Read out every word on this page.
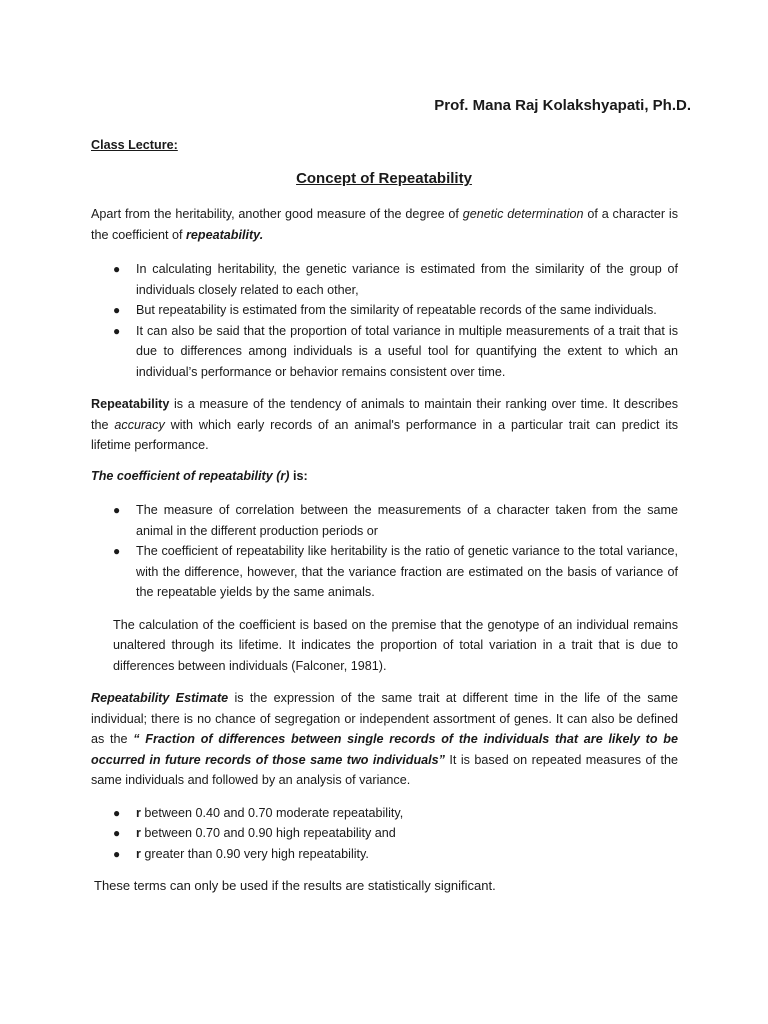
Prof. Mana Raj Kolakshyapati, Ph.D.

Class Lecture:

Concept of Repeatability

Apart from the heritability, another good measure of the degree of genetic determination of a character is the coefficient of repeatability.

● In calculating heritability, the genetic variance is estimated from the similarity of the group of individuals closely related to each other,
● But repeatability is estimated from the similarity of repeatable records of the same individuals.
● It can also be said that the proportion of total variance in multiple measurements of a trait that is due to differences among individuals is a useful tool for quantifying the extent to which an individual’s performance or behavior remains consistent over time.

Repeatability is a measure of the tendency of animals to maintain their ranking over time. It describes the accuracy with which early records of an animal's performance in a particular trait can predict its lifetime performance.

The coefficient of repeatability (r) is:

● The measure of correlation between the measurements of a character taken from the same animal in the different production periods or
● The coefficient of repeatability like heritability is the ratio of genetic variance to the total variance, with the difference, however, that the variance fraction are estimated on the basis of variance of the repeatable yields by the same animals.

The calculation of the coefficient is based on the premise that the genotype of an individual remains unaltered through its lifetime. It indicates the proportion of total variation in a trait that is due to differences between individuals (Falconer, 1981).

Repeatability Estimate is the expression of the same trait at different time in the life of the same individual; there is no chance of segregation or independent assortment of genes. It can also be defined as the “ Fraction of differences between single records of the individuals that are likely to be occurred in future records of those same two individuals” It is based on repeated measures of the same individuals and followed by an analysis of variance.

● r between 0.40 and 0.70 moderate repeatability,
● r between 0.70 and 0.90 high repeatability and
● r greater than 0.90 very high repeatability.

These terms can only be used if the results are statistically significant.
